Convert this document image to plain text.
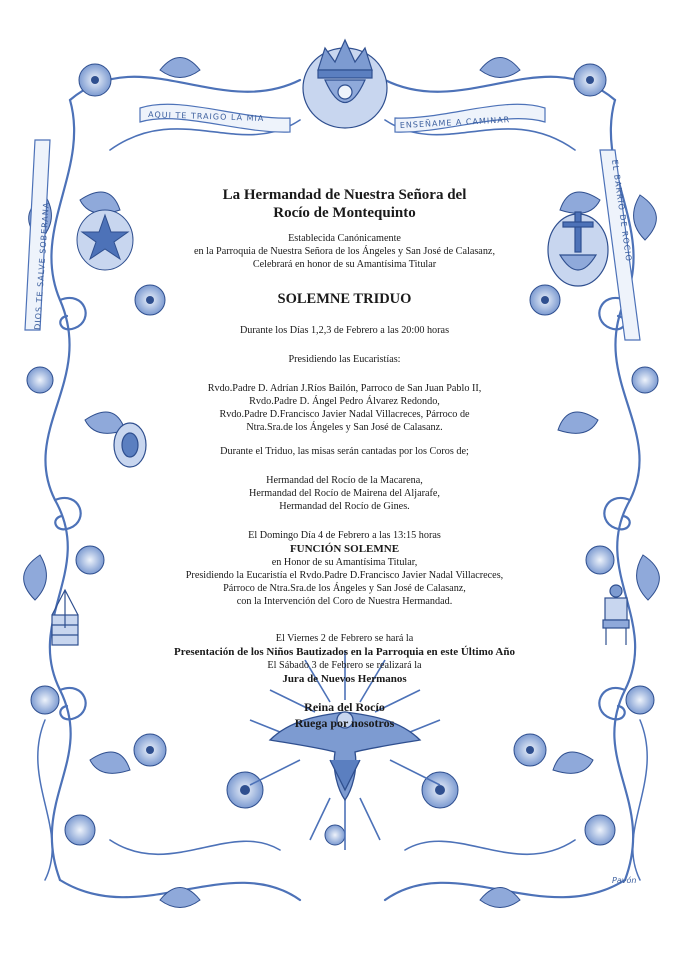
DIOS TE SALVE SOBERANA
AQUI TE TRAIGO LA MIA	ENSEÑAME A CAMINAR
EL BARRIO DE ROCIO
La Hermandad de Nuestra Señora del
Rocío de Montequinto
Establecida Canónicamente
en la Parroquia de Nuestra Señora de los Ángeles y San José de Calasanz,
Celebrará en honor de su Amantísima Titular
SOLEMNE TRIDUO
Durante los Días 1,2,3 de Febrero a las 20:00 horas
Presidiendo las Eucaristías:
Rvdo.Padre D. Adrían J.Ríos Bailón, Parroco de San Juan Pablo II,
Rvdo.Padre D. Ángel Pedro Álvarez Redondo,
Rvdo.Padre D.Francisco Javier Nadal Villacreces, Párroco de
Ntra.Sra.de los Ángeles y San José de Calasanz.
Durante el Triduo, las misas serán cantadas por los Coros de;
Hermandad del Rocío de la Macarena,
Hermandad del Rocío de Mairena del Aljarafe,
Hermandad del Rocío de Gines.
El Domingo Día 4 de Febrero a las 13:15 horas
FUNCIÓN SOLEMNE
en Honor de su Amantísima Titular,
Presidiendo la Eucaristía el Rvdo.Padre D.Francisco Javier Nadal Villacreces,
Párroco de Ntra.Sra.de los Ángeles y San José de Calasanz,
con la Intervención del Coro de Nuestra Hermandad.
El Viernes 2 de Febrero se hará la
Presentación de los Niños Bautizados en la Parroquia en este Último Año
El Sábado 3 de Febrero se realizará la
Jura de Nuevos Hermanos
Reina del Rocío
Ruega por nosotros
Pavón
